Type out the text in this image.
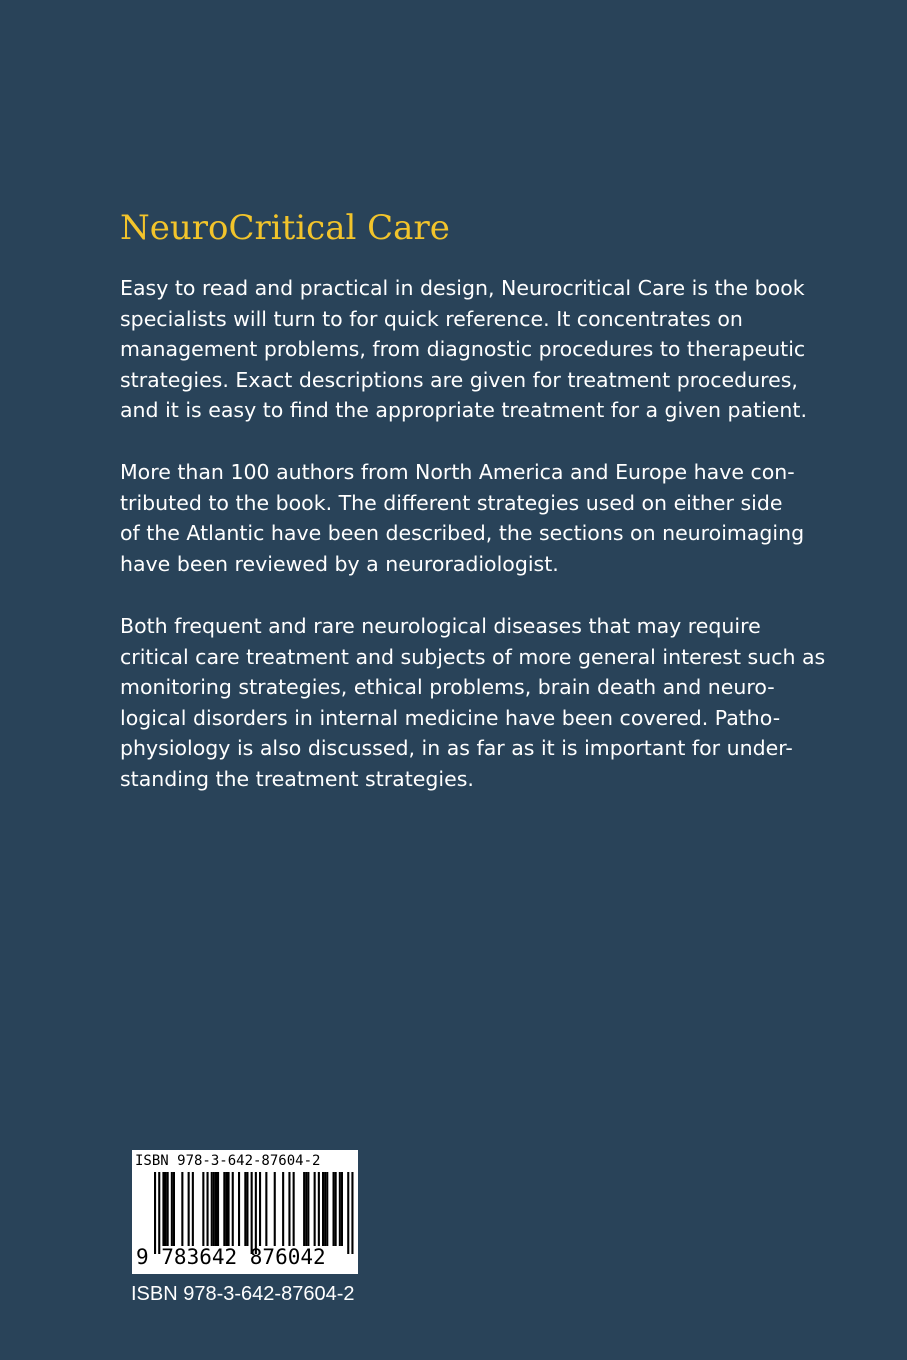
NeuroCritical Care

Easy to read and practical in design, Neurocritical Care is the book
specialists will turn to for quick reference. It concentrates on
management problems, from diagnostic procedures to therapeutic
strategies. Exact descriptions are given for treatment procedures,
and it is easy to find the appropriate treatment for a given patient.

More than 100 authors from North America and Europe have con-
tributed to the book. The different strategies used on either side
of the Atlantic have been described, the sections on neuroimaging
have been reviewed by a neuroradiologist.

Both frequent and rare neurological diseases that may require
critical care treatment and subjects of more general interest such as
monitoring strategies, ethical problems, brain death and neuro-
logical disorders in internal medicine have been covered. Patho-
physiology is also discussed, in as far as it is important for under-
standing the treatment strategies.

ISBN 978-3-642-87604-2

9 783642 876042

ISBN 978-3-642-87604-2
